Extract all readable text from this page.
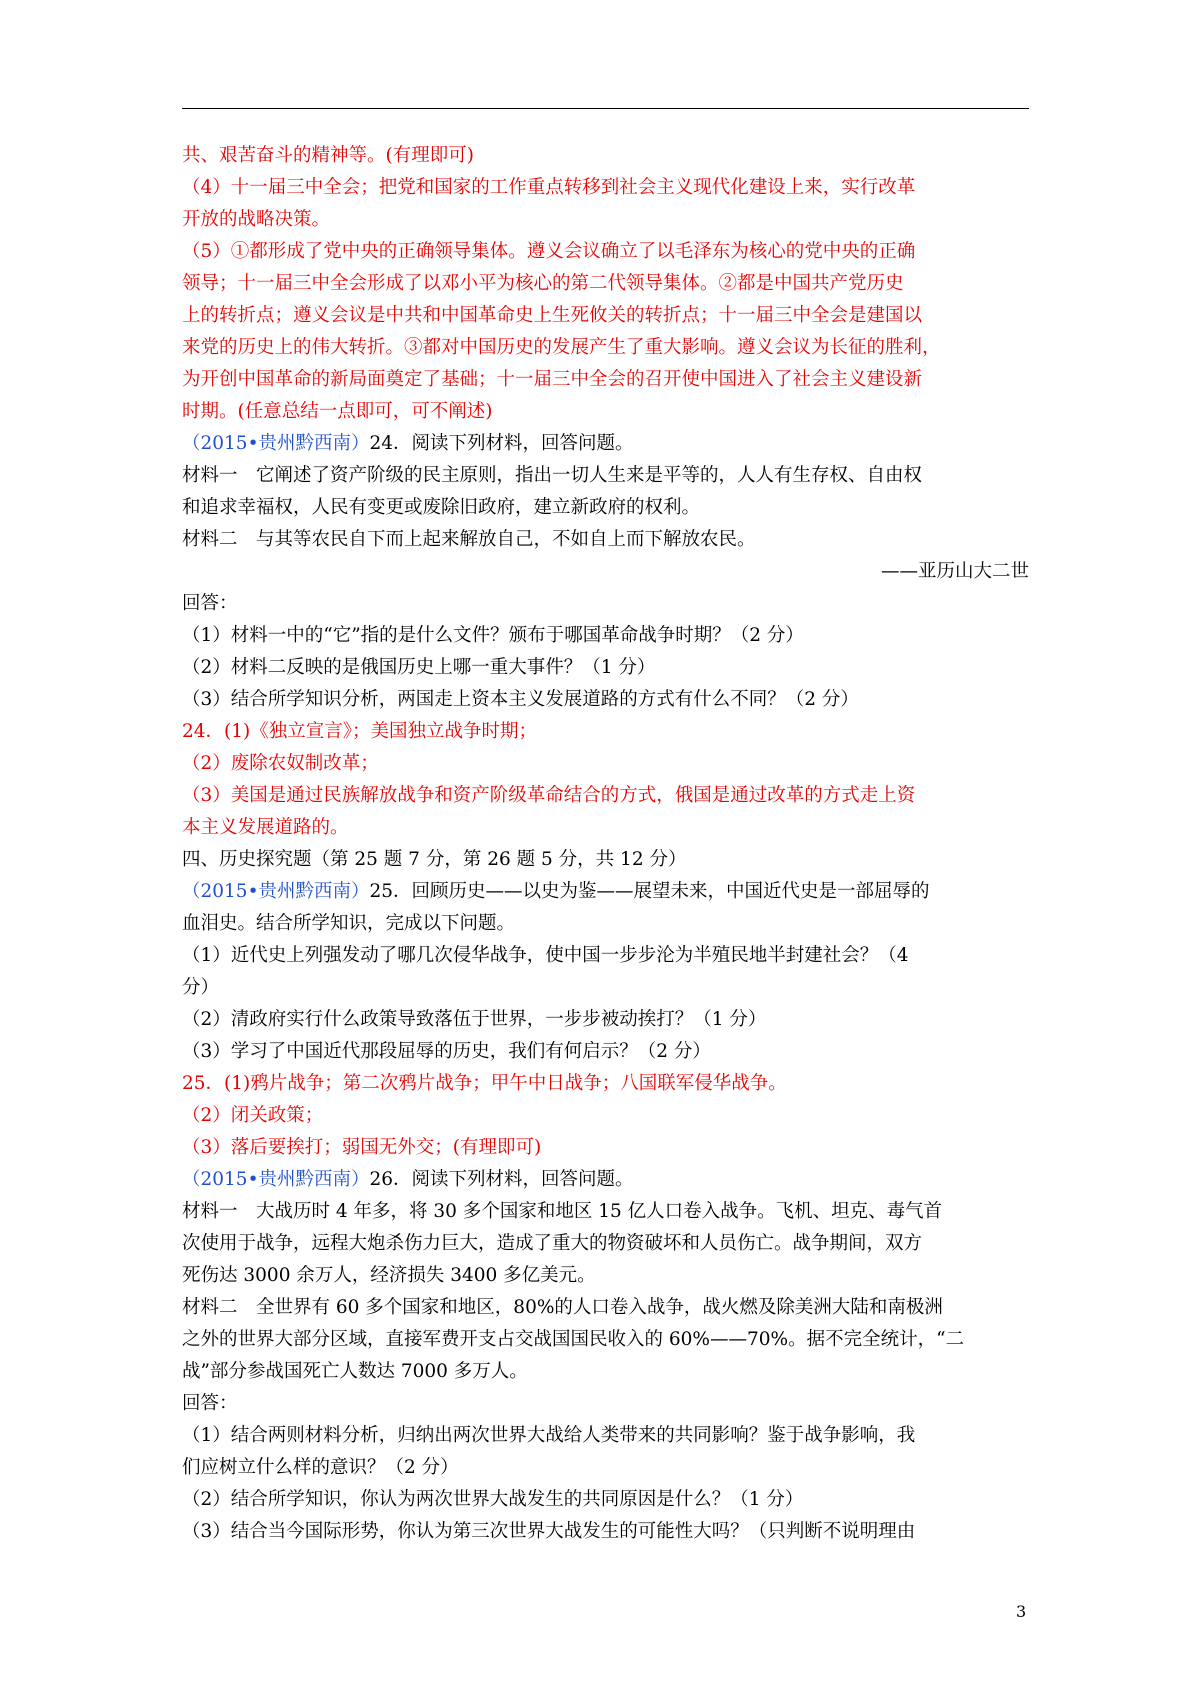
共、艰苦奋斗的精神等。(有理即可)
（4）十一届三中全会；把党和国家的工作重点转移到社会主义现代化建设上来，实行改革
开放的战略决策。
（5）①都形成了党中央的正确领导集体。遵义会议确立了以毛泽东为核心的党中央的正确
领导；十一届三中全会形成了以邓小平为核心的第二代领导集体。②都是中国共产党历史
上的转折点；遵义会议是中共和中国革命史上生死攸关的转折点；十一届三中全会是建国以
来党的历史上的伟大转折。③都对中国历史的发展产生了重大影响。遵义会议为长征的胜利，
为开创中国革命的新局面奠定了基础；十一届三中全会的召开使中国进入了社会主义建设新
时期。(任意总结一点即可，可不阐述)
（2015•贵州黔西南）24．阅读下列材料，回答问题。
材料一　它阐述了资产阶级的民主原则，指出一切人生来是平等的，人人有生存权、自由权
和追求幸福权，人民有变更或废除旧政府，建立新政府的权利。
材料二　与其等农民自下而上起来解放自己，不如自上而下解放农民。
——亚历山大二世
回答：
（1）材料一中的“它”指的是什么文件？颁布于哪国革命战争时期？（2 分）
（2）材料二反映的是俄国历史上哪一重大事件？（1 分）
（3）结合所学知识分析，两国走上资本主义发展道路的方式有什么不同？（2 分）
24．(1)《独立宣言》；美国独立战争时期；
（2）废除农奴制改革；
（3）美国是通过民族解放战争和资产阶级革命结合的方式，俄国是通过改革的方式走上资
本主义发展道路的。
四、历史探究题（第 25 题 7 分，第 26 题 5 分，共 12 分）
（2015•贵州黔西南）25．回顾历史——以史为鉴——展望未来，中国近代史是一部屈辱的
血泪史。结合所学知识，完成以下问题。
（1）近代史上列强发动了哪几次侵华战争，使中国一步步沦为半殖民地半封建社会？（4
分）
（2）清政府实行什么政策导致落伍于世界，一步步被动挨打？（1 分）
（3）学习了中国近代那段屈辱的历史，我们有何启示？（2 分）
25．(1)鸦片战争；第二次鸦片战争；甲午中日战争；八国联军侵华战争。
（2）闭关政策；
（3）落后要挨打；弱国无外交；(有理即可)
（2015•贵州黔西南）26．阅读下列材料，回答问题。
材料一　大战历时 4 年多，将 30 多个国家和地区 15 亿人口卷入战争。飞机、坦克、毒气首
次使用于战争，远程大炮杀伤力巨大，造成了重大的物资破坏和人员伤亡。战争期间，双方
死伤达 3000 余万人，经济损失 3400 多亿美元。
材料二　全世界有 60 多个国家和地区，80%的人口卷入战争，战火燃及除美洲大陆和南极洲
之外的世界大部分区域，直接军费开支占交战国国民收入的 60%——70%。据不完全统计，“二
战”部分参战国死亡人数达 7000 多万人。
回答：
（1）结合两则材料分析，归纳出两次世界大战给人类带来的共同影响？鉴于战争影响，我
们应树立什么样的意识？（2 分）
（2）结合所学知识，你认为两次世界大战发生的共同原因是什么？（1 分）
（3）结合当今国际形势，你认为第三次世界大战发生的可能性大吗？（只判断不说明理由
3
